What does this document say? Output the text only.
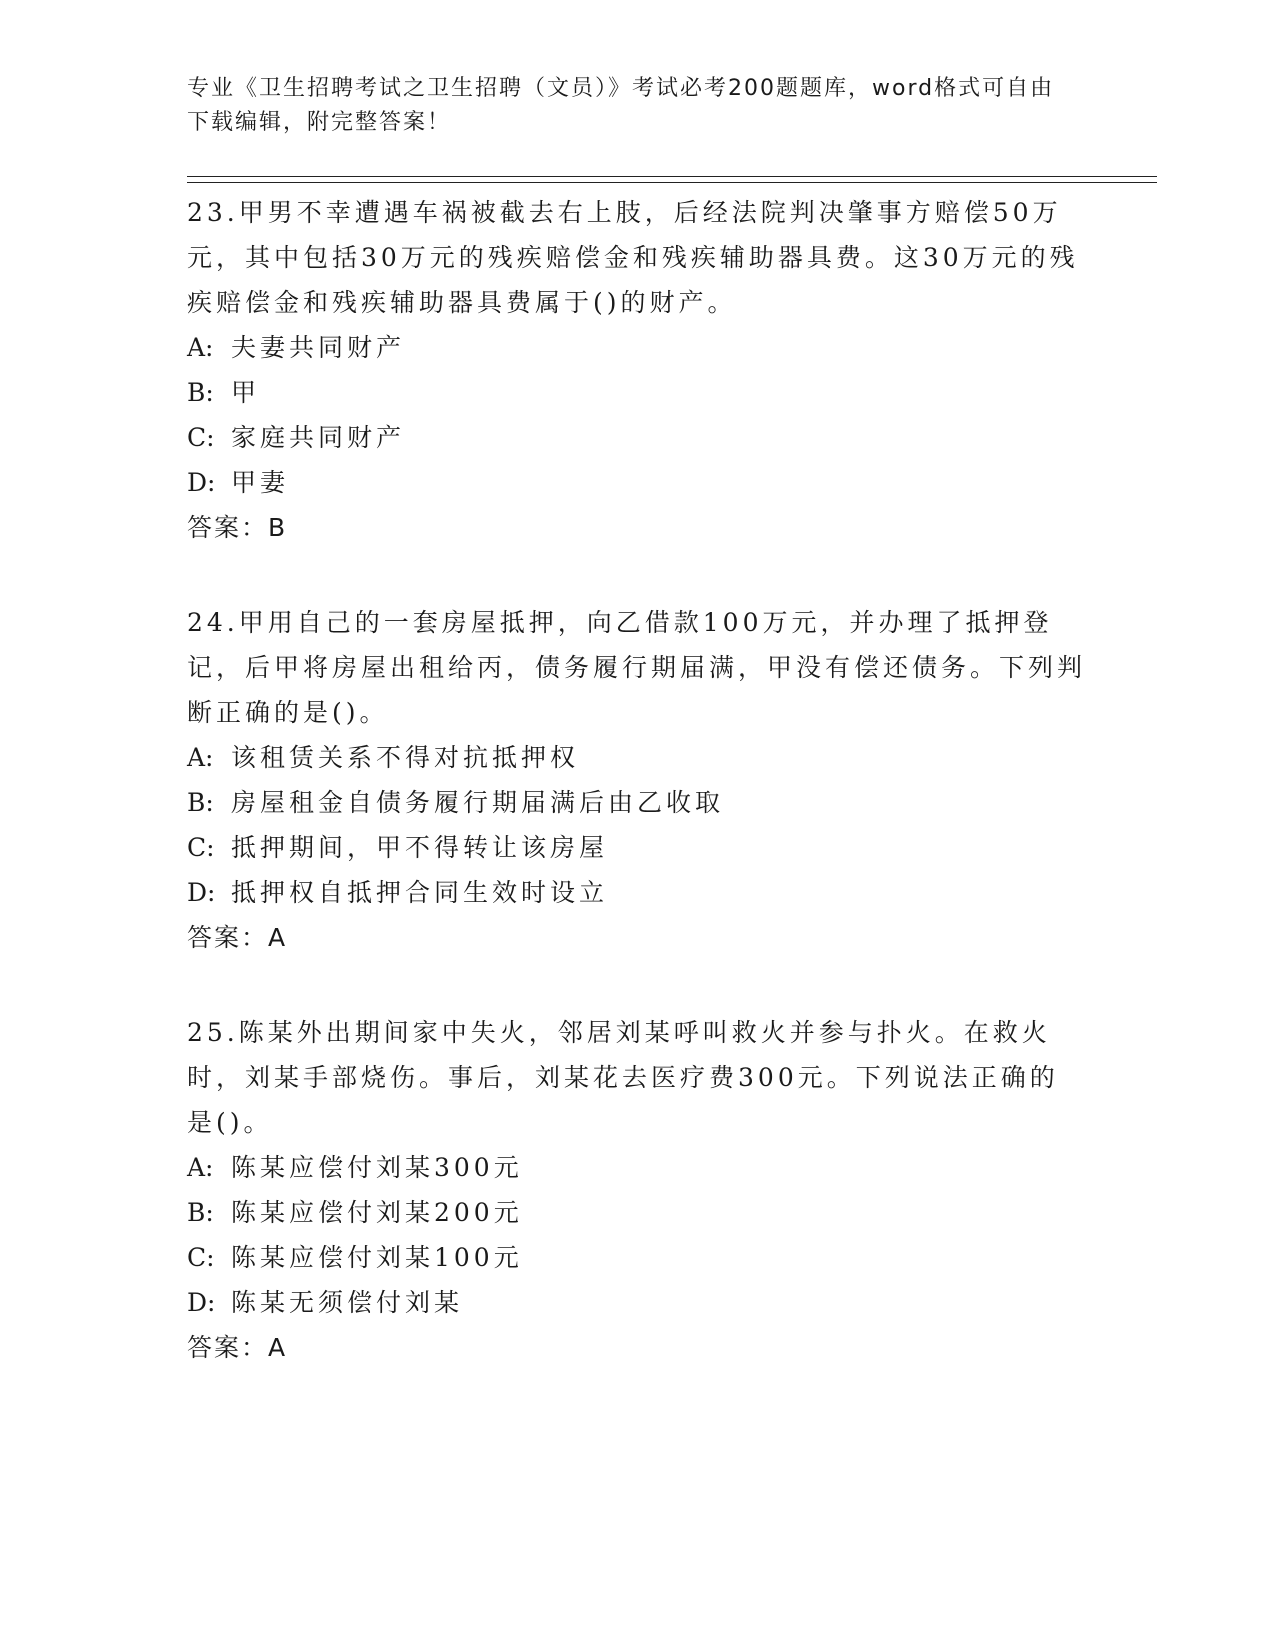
专业《卫生招聘考试之卫生招聘（文员）》考试必考200题题库，word格式可自由下载编辑，附完整答案！

23.甲男不幸遭遇车祸被截去右上肢，后经法院判决肇事方赔偿50万元，其中包括30万元的残疾赔偿金和残疾辅助器具费。这30万元的残疾赔偿金和残疾辅助器具费属于()的财产。

A: 夫妻共同财产

B: 甲

C: 家庭共同财产

D: 甲妻

答案：B

24.甲用自己的一套房屋抵押，向乙借款100万元，并办理了抵押登记，后甲将房屋出租给丙，债务履行期届满，甲没有偿还债务。下列判断正确的是()。

A: 该租赁关系不得对抗抵押权

B: 房屋租金自债务履行期届满后由乙收取

C: 抵押期间，甲不得转让该房屋

D: 抵押权自抵押合同生效时设立

答案：A

25.陈某外出期间家中失火，邻居刘某呼叫救火并参与扑火。在救火时，刘某手部烧伤。事后，刘某花去医疗费300元。下列说法正确的是()。

A: 陈某应偿付刘某300元

B: 陈某应偿付刘某200元

C: 陈某应偿付刘某100元

D: 陈某无须偿付刘某

答案：A
